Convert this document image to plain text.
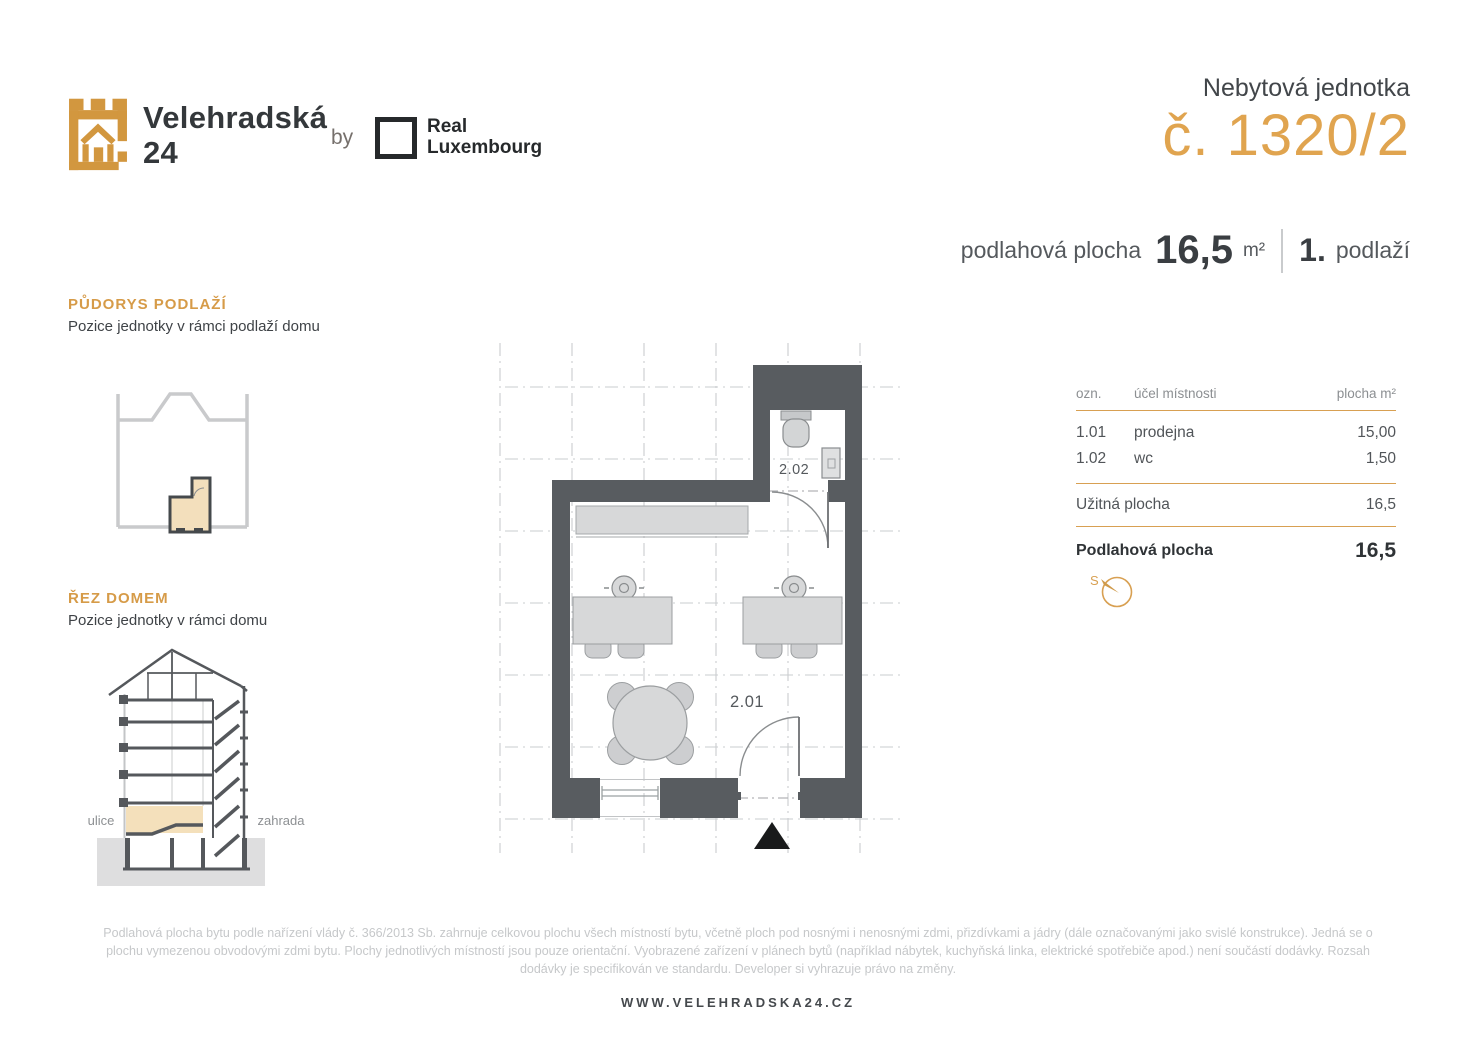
Velehradská
24	by	Real
Luxembourg
Nebytová jednotka
č. 1320/2
podlahová plocha 16,5 m² 1. podlaží
PŮDORYS PODLAŽÍ
Pozice jednotky v rámci podlaží domu
ŘEZ DOMEM
Pozice jednotky v rámci domu
ulice	zahrada
2.02
2.01
ozn.	účel místnosti	plocha m²
1.01	prodejna	15,00
1.02	wc	1,50
Užitná plocha	16,5
Podlahová plocha	16,5
S
Podlahová plocha bytu podle nařízení vlády č. 366/2013 Sb. zahrnuje celkovou plochu všech místností bytu, včetně ploch pod nosnými i nenosnými zdmi, přizdívkami a jádry (dále označovanými jako svislé konstrukce). Jedná se o plochu vymezenou obvodovými zdmi bytu. Plochy jednotlivých místností jsou pouze orientační. Vyobrazené zařízení v plánech bytů (například nábytek, kuchyňská linka, elektrické spotřebiče apod.) není součástí dodávky. Rozsah dodávky je specifikován ve standardu. Developer si vyhrazuje právo na změny.
WWW.VELEHRADSKA24.CZ
